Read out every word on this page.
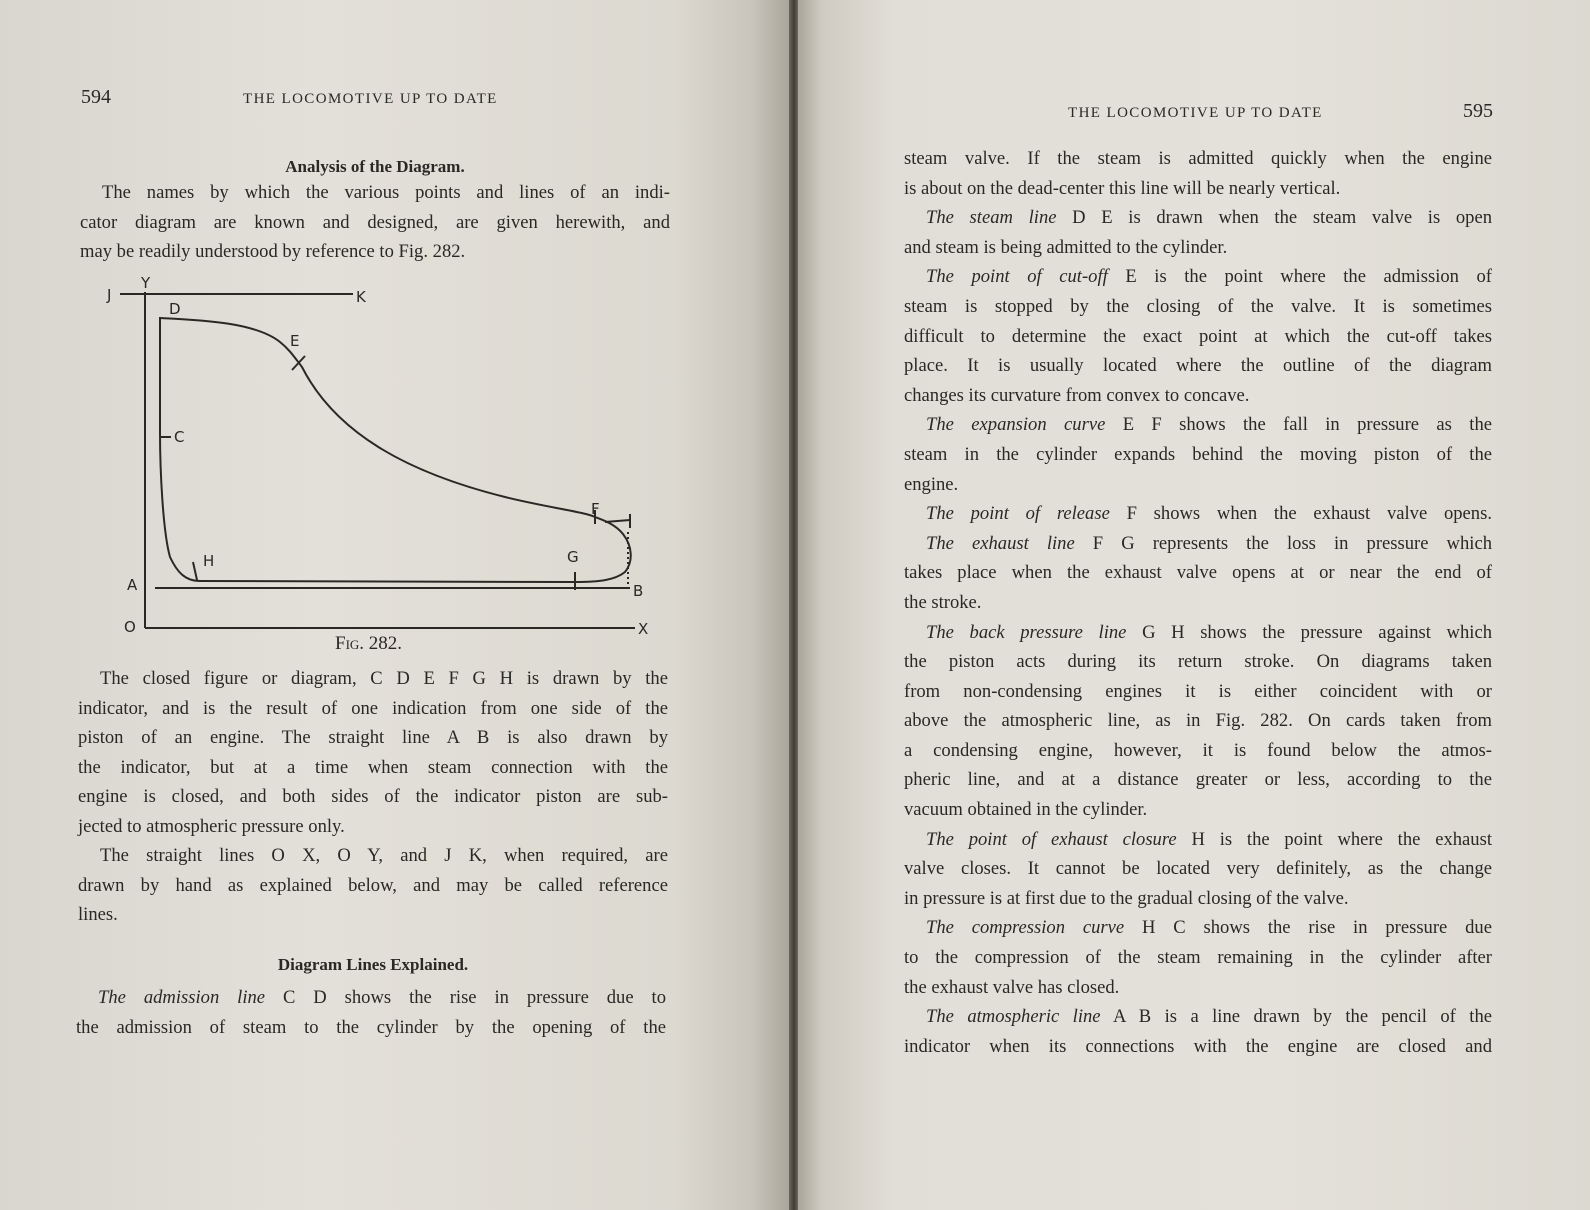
594	THE LOCOMOTIVE UP TO DATE
Analysis of the Diagram.
The names by which the various points and lines of an indi-
cator diagram are known and designed, are given herewith, and
may be readily understood by reference to Fig. 282.
J
Y
K
D
E
C
F
G
H
A	B
O	X
Fig. 282.
The closed figure or diagram, C D E F G H is drawn by the
indicator, and is the result of one indication from one side of the
piston of an engine. The straight line A B is also drawn by
the indicator, but at a time when steam connection with the
engine is closed, and both sides of the indicator piston are sub-
jected to atmospheric pressure only.
The straight lines O X, O Y, and J K, when required, are
drawn by hand as explained below, and may be called reference
lines.
Diagram Lines Explained.
The admission line C D shows the rise in pressure due to
the admission of steam to the cylinder by the opening of the
THE LOCOMOTIVE UP TO DATE	595
steam valve. If the steam is admitted quickly when the engine
is about on the dead-center this line will be nearly vertical.
The steam line D E is drawn when the steam valve is open
and steam is being admitted to the cylinder.
The point of cut-off E is the point where the admission of
steam is stopped by the closing of the valve. It is sometimes
difficult to determine the exact point at which the cut-off takes
place. It is usually located where the outline of the diagram
changes its curvature from convex to concave.
The expansion curve E F shows the fall in pressure as the
steam in the cylinder expands behind the moving piston of the
engine.
The point of release F shows when the exhaust valve opens.
The exhaust line F G represents the loss in pressure which
takes place when the exhaust valve opens at or near the end of
the stroke.
The back pressure line G H shows the pressure against which
the piston acts during its return stroke. On diagrams taken
from non-condensing engines it is either coincident with or
above the atmospheric line, as in Fig. 282. On cards taken from
a condensing engine, however, it is found below the atmos-
pheric line, and at a distance greater or less, according to the
vacuum obtained in the cylinder.
The point of exhaust closure H is the point where the exhaust
valve closes. It cannot be located very definitely, as the change
in pressure is at first due to the gradual closing of the valve.
The compression curve H C shows the rise in pressure due
to the compression of the steam remaining in the cylinder after
the exhaust valve has closed.
The atmospheric line A B is a line drawn by the pencil of the
indicator when its connections with the engine are closed and
